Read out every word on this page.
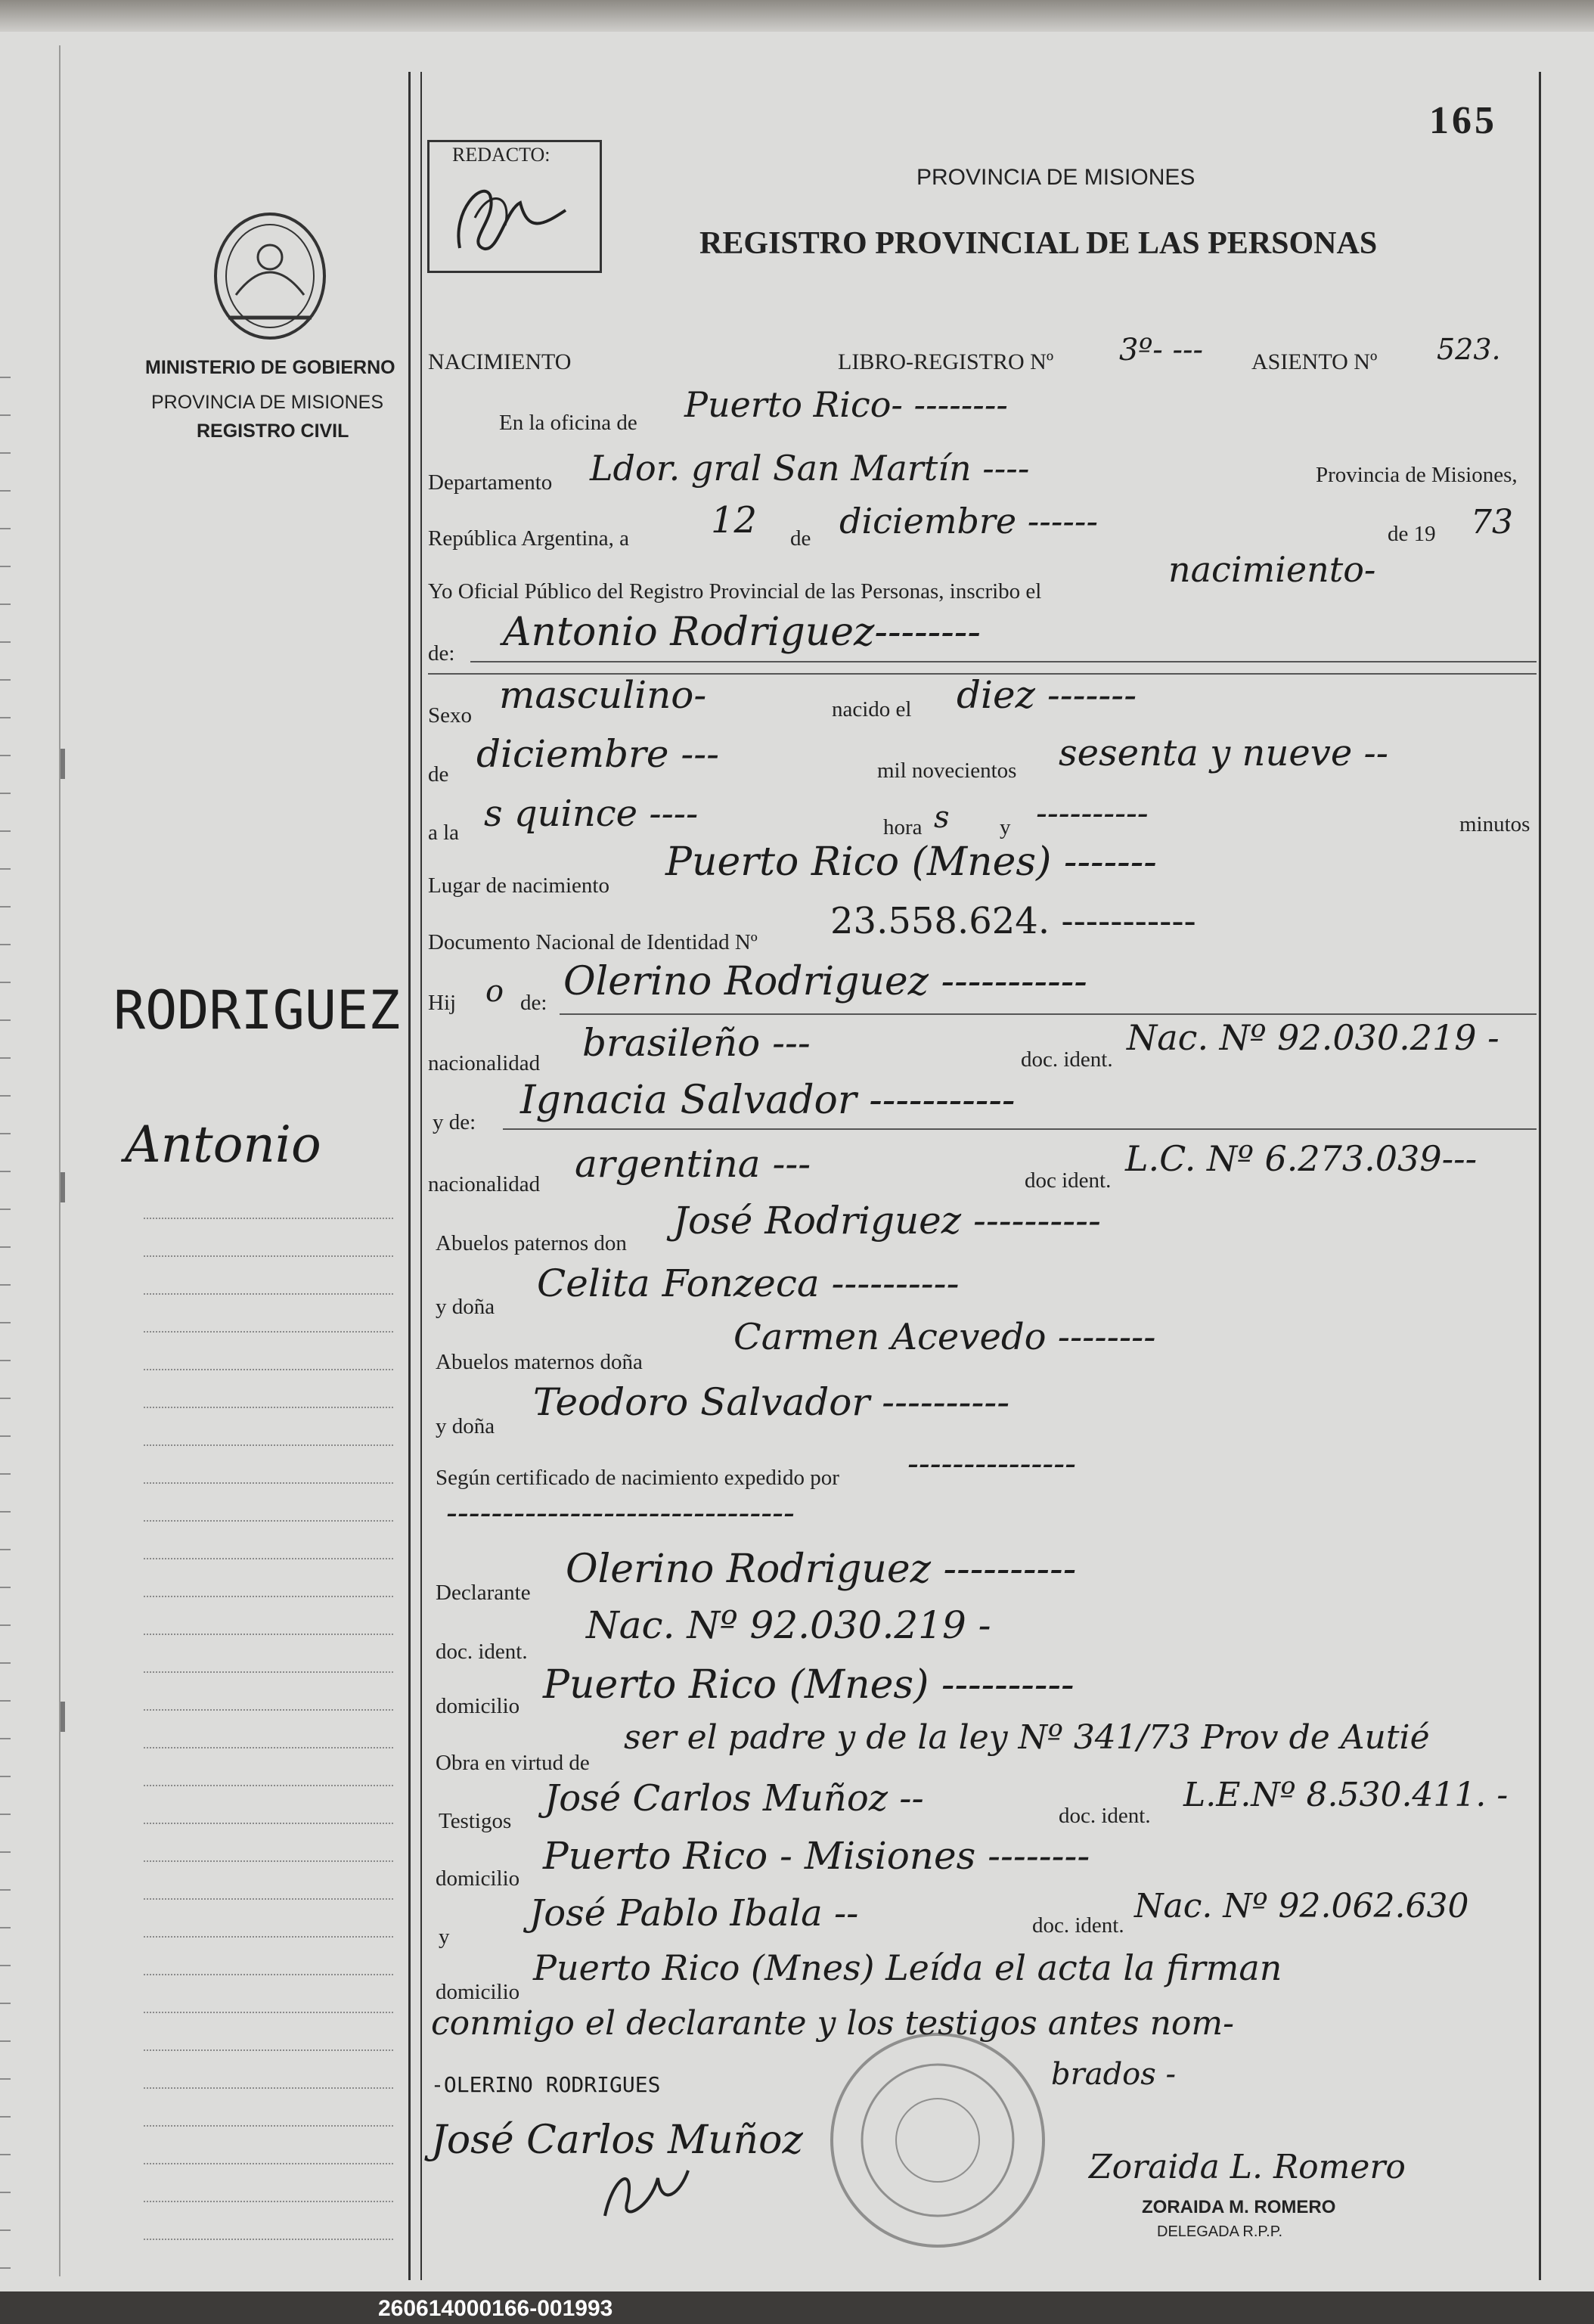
165
REDACTO:
PROVINCIA DE MISIONES
REGISTRO PROVINCIAL DE LAS PERSONAS
MINISTERIO DE GOBIERNO
PROVINCIA DE MISIONES
REGISTRO CIVIL
RODRIGUEZ
Antonio
NACIMIENTO	LIBRO-REGISTRO Nº 3º- --- ASIENTO Nº 523.
En la oficina de Puerto Rico- --------
Departamento Ldor. gral San Martín ----	Provincia de Misiones,
República Argentina, a 12 de diciembre ------	de 19 73
Yo Oficial Público del Registro Provincial de las Personas, inscribo el
nacimiento-
de: Antonio Rodriguez--------
Sexo masculino-	nacido el diez -------
de diciembre ---	mil novecientos sesenta y nueve --
a la s quince ----	hora s y ----------	minutos
Lugar de nacimiento
Puerto Rico (Mnes) -------
Documento Nacional de Identidad Nº 23.558.624. -----------
Hij o de: Olerino Rodriguez -----------
nacionalidad brasileño ---	doc. ident.
Nac. Nº 92.030.219 -
y de: Ignacia Salvador -----------
nacionalidad argentina ---	doc ident.
L.C. Nº 6.273.039---
Abuelos paternos don
José Rodriguez ----------
y doña
Celita Fonzeca ----------
Abuelos maternos doña
Carmen Acevedo --------
y doña
Teodoro Salvador ----------
Según certificado de nacimiento expedido por ---------------
-------------------------------
Declarante
Olerino Rodriguez ----------
doc. ident.
Nac. Nº 92.030.219 -
domicilio Puerto Rico (Mnes) ----------
Obra en virtud de
ser el padre y de la ley Nº 341/73 Prov de Autié
Testigos
José Carlos Muñoz --	doc. ident.
L.E.Nº 8.530.411. -
domicilio
Puerto Rico - Misiones --------
y
José Pablo Ibala --	doc. ident. Nac. Nº 92.062.630
domicilio
Puerto Rico (Mnes) Leída el acta la firman
conmigo el declarante y los testigos antes nom-
brados -
-OLERINO RODRIGUES
José Carlos Muñoz
Zoraida L. Romero
ZORAIDA M. ROMERO
DELEGADA R.P.P.
260614000166-001993
